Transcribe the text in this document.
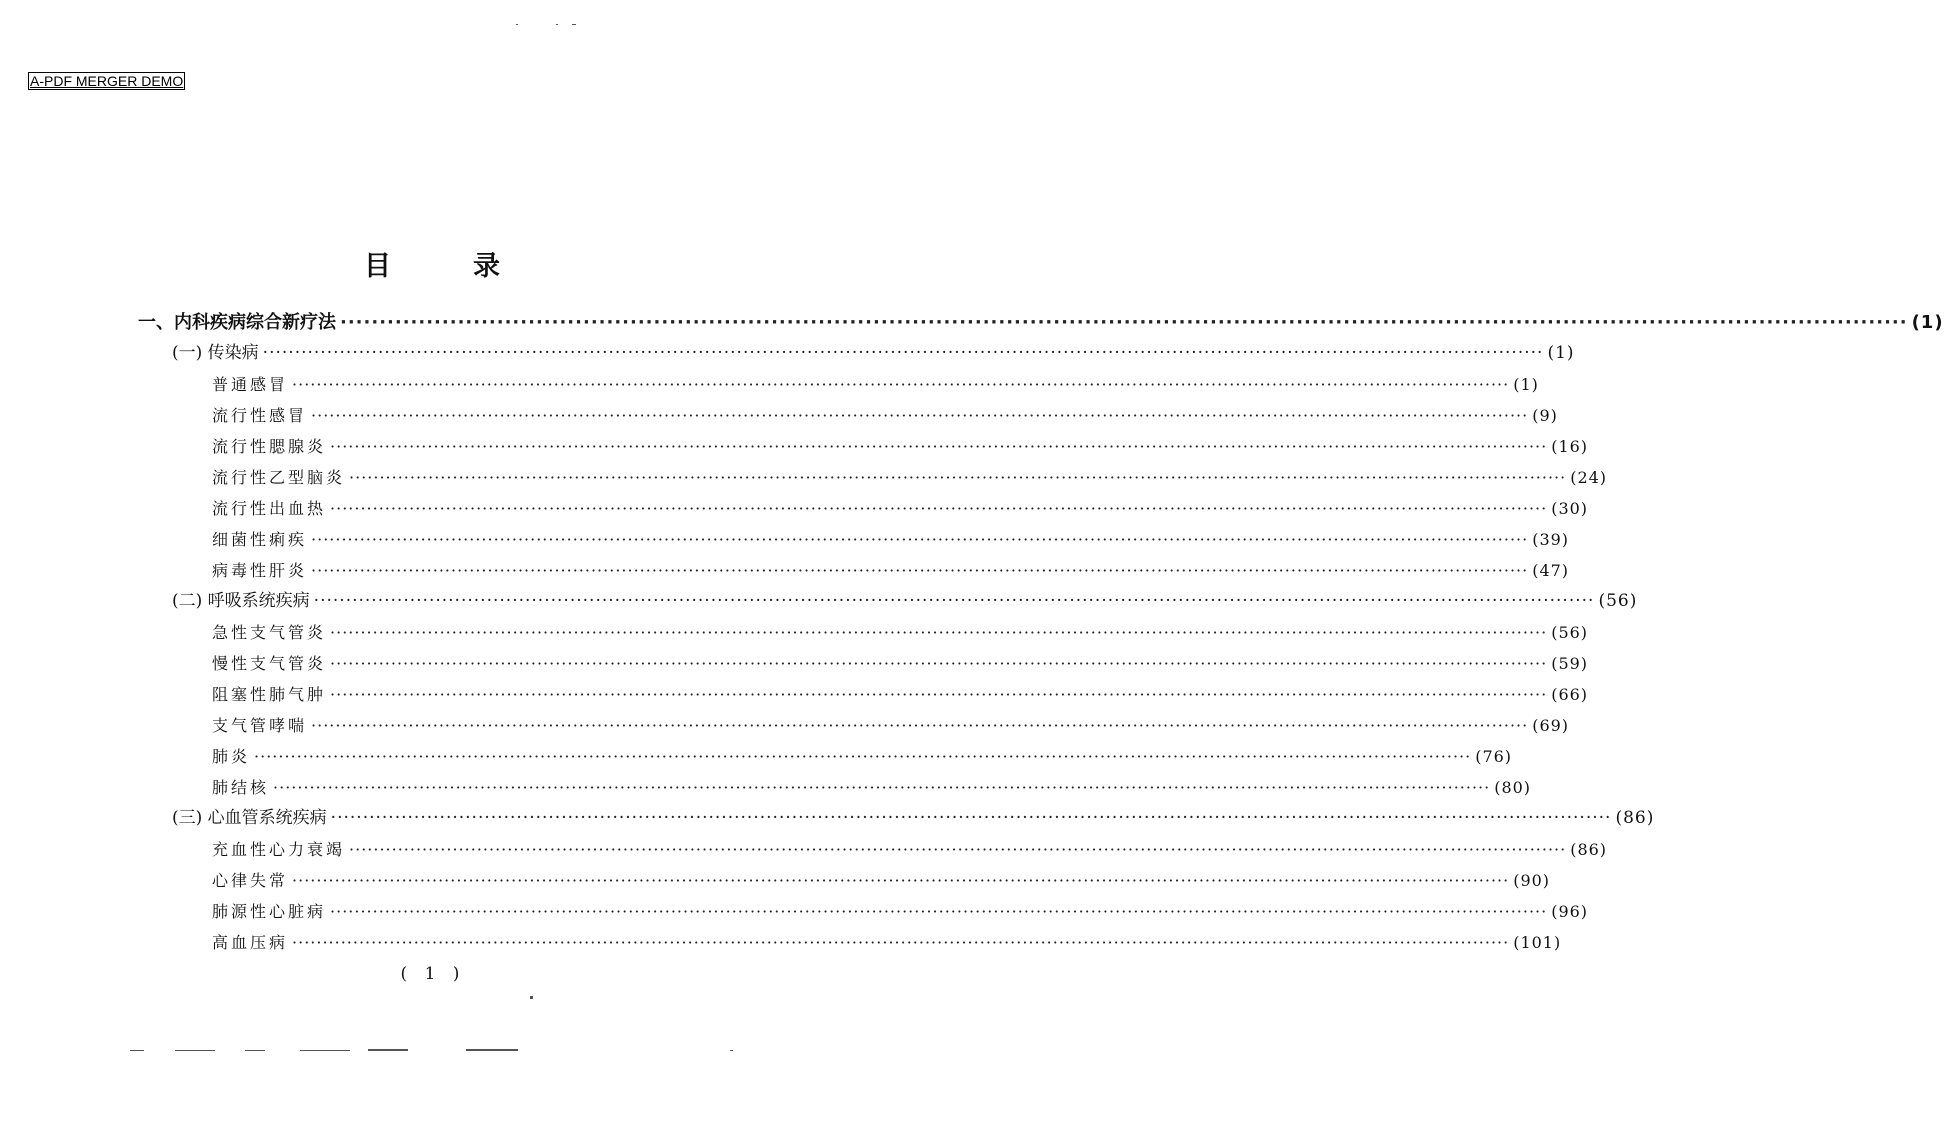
A-PDF MERGER DEMO
目	录
一、内科疾病综合新疗法 ········································································································································································································ (1)
(一) 传染病 ········································································································································································································ (1)
普通感冒 ········································································································································································································ (1)
流行性感冒 ········································································································································································································ (9)
流行性腮腺炎 ········································································································································································································ (16)
流行性乙型脑炎 ········································································································································································································ (24)
流行性出血热 ········································································································································································································ (30)
细菌性痢疾 ········································································································································································································ (39)
病毒性肝炎 ········································································································································································································ (47)
(二) 呼吸系统疾病 ········································································································································································································ (56)
急性支气管炎 ········································································································································································································ (56)
慢性支气管炎 ········································································································································································································ (59)
阻塞性肺气肿 ········································································································································································································ (66)
支气管哮喘 ········································································································································································································ (69)
肺炎 ········································································································································································································ (76)
肺结核 ········································································································································································································ (80)
(三) 心血管系统疾病 ········································································································································································································ (86)
充血性心力衰竭 ········································································································································································································ (86)
心律失常 ········································································································································································································ (90)
肺源性心脏病 ········································································································································································································ (96)
高血压病 ········································································································································································································ (101)
( 1 )
